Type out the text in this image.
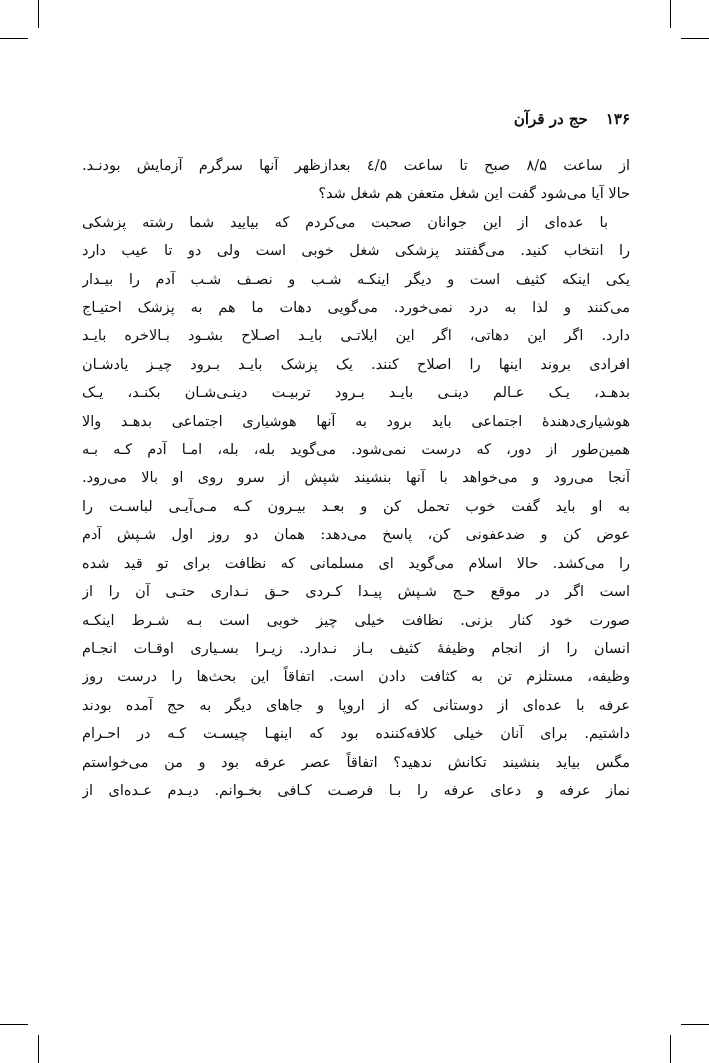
۱۳۶
حج در قرآن
از ساعت ۸/۵ صبح تا ساعت ٤/٥ بعدازظهر آنها سرگرم آزمایش بودنـد.
حالا آیا می‌شود گفت این شغل متعفن هم شغل شد؟
با عده‌ای از این جوانان صحبت می‌کردم که بیایید شما رشته پزشکی
را انتخاب کنید. می‌گفتند پزشکی شغل خوبی است ولی دو تا عیب دارد
یکی اینکه کثیف است و دیگر اینکـه شـب و نصـف شـب آدم را بیـدار
می‌کنند و لذا به درد نمی‌خورد. می‌گویی دهات ما هم به پزشک احتیـاج
دارد. اگر این دهاتی، اگر این ایلاتـی بایـد اصـلاح بشـود بـالاخره بایـد
افرادی بروند اینها را اصلاح کنند. یک پزشک بایـد بـرود چیـز یادشـان
بدهـد، یـک عـالم دینـی بایـد بـرود تربیـت دینـی‌شـان بکنـد، یـک
هوشیاری‌دهندهٔ اجتماعی باید برود به آنها هوشیاری اجتماعی بدهـد والا
همین‌طور از دور، که درست نمی‌شود. می‌گوید بله، بله، امـا آدم کـه بـه
آنجا می‌رود و می‌خواهد با آنها بنشیند شپش از سرو روی او بالا می‌رود.
به او باید گفت خوب تحمل کن و بعـد بیـرون کـه مـی‌آیـی لباسـت را
عوض کن و ضدعفونی کن، پاسخ می‌دهد: همان دو روز اول شـپش آدم
را می‌کشد. حالا اسلام می‌گوید ای مسلمانی که نظافت برای تو قید شده
است اگر در موقع حـج شـپش پیـدا کـردی حـق نـداری حتـی آن را از
صورت خود کنار بزنی. نظافت خیلی چیز خوبی است بـه شـرط اینکـه
انسان را از انجام وظیفهٔ کثیف بـاز نـدارد. زیـرا بسـیاری اوقـات انجـام
وظیفه، مستلزم تن به کثافت دادن است. اتفاقاً این بحث‌ها را درست روز
عرفه با عده‌ای از دوستانی که از اروپا و جاهای دیگر به حج آمده بودند
داشتیم. برای آنان خیلی کلافه‌کننده بود که اینهـا چیسـت کـه در احـرام
مگس بیاید بنشیند تکانش ندهید؟ اتفاقاً عصر عرفه بود و من می‌خواستم
نماز عرفه و دعای عرفه را بـا فرصـت کـافی بخـوانم. دیـدم عـده‌ای از
